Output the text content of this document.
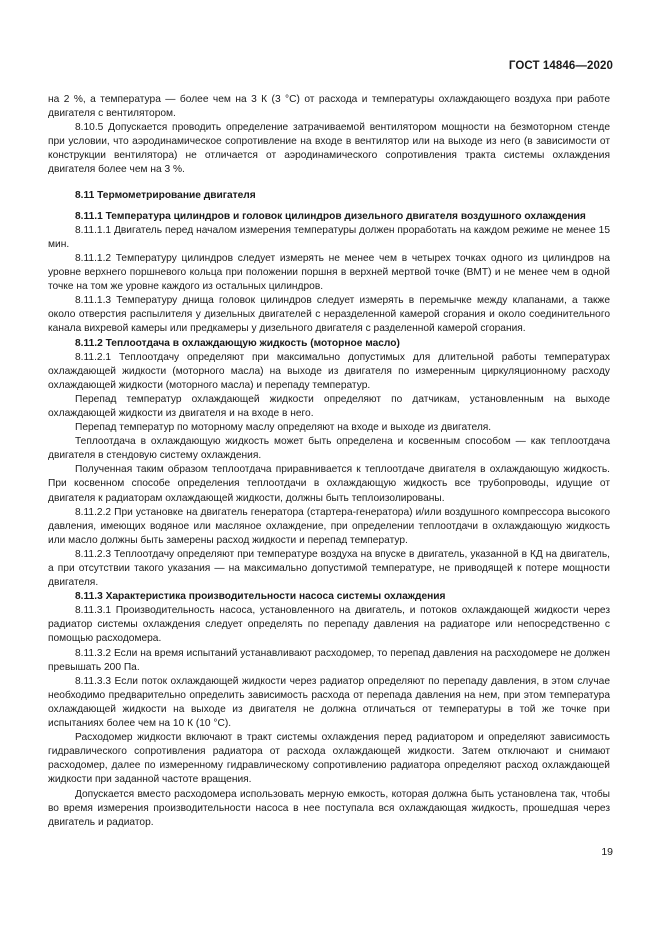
ГОСТ 14846—2020

на 2 %, а температура — более чем на 3 К (3 °С) от расхода и температуры охлаждающего воздуха при работе двигателя с вентилятором.

8.10.5 Допускается проводить определение затрачиваемой вентилятором мощности на безмоторном стенде при условии, что аэродинамическое сопротивление на входе в вентилятор или на выходе из него (в зависимости от конструкции вентилятора) не отличается от аэродинамического сопротивления тракта системы охлаждения двигателя более чем на 3 %.

8.11 Термометрирование двигателя
8.11.1 Температура цилиндров и головок цилиндров дизельного двигателя воздушного охлаждения

8.11.1.1 Двигатель перед началом измерения температуры должен проработать на каждом режиме не менее 15 мин.

8.11.1.2 Температуру цилиндров следует измерять не менее чем в четырех точках одного из цилиндров на уровне верхнего поршневого кольца при положении поршня в верхней мертвой точке (ВМТ) и не менее чем в одной точке на том же уровне каждого из остальных цилиндров.

8.11.1.3 Температуру днища головок цилиндров следует измерять в перемычке между клапанами, а также около отверстия распылителя у дизельных двигателей с неразделенной камерой сгорания и около соединительного канала вихревой камеры или предкамеры у дизельного двигателя с разделенной камерой сгорания.

8.11.2 Теплоотдача в охлаждающую жидкость (моторное масло)

8.11.2.1 Теплоотдачу определяют при максимально допустимых для длительной работы температурах охлаждающей жидкости (моторного масла) на выходе из двигателя по измеренным циркуляционному расходу охлаждающей жидкости (моторного масла) и перепаду температур.

Перепад температур охлаждающей жидкости определяют по датчикам, установленным на выходе охлаждающей жидкости из двигателя и на входе в него.

Перепад температур по моторному маслу определяют на входе и выходе из двигателя.

Теплоотдача в охлаждающую жидкость может быть определена и косвенным способом — как теплоотдача двигателя в стендовую систему охлаждения.

Полученная таким образом теплоотдача приравнивается к теплоотдаче двигателя в охлаждающую жидкость. При косвенном способе определения теплоотдачи в охлаждающую жидкость все трубопроводы, идущие от двигателя к радиаторам охлаждающей жидкости, должны быть теплоизолированы.

8.11.2.2 При установке на двигатель генератора (стартера-генератора) и/или воздушного компрессора высокого давления, имеющих водяное или масляное охлаждение, при определении теплоотдачи в охлаждающую жидкость или масло должны быть замерены расход жидкости и перепад температур.

8.11.2.3 Теплоотдачу определяют при температуре воздуха на впуске в двигатель, указанной в КД на двигатель, а при отсутствии такого указания — на максимально допустимой температуре, не приводящей к потере мощности двигателя.

8.11.3 Характеристика производительности насоса системы охлаждения

8.11.3.1 Производительность насоса, установленного на двигатель, и потоков охлаждающей жидкости через радиатор системы охлаждения следует определять по перепаду давления на радиаторе или непосредственно с помощью расходомера.

8.11.3.2 Если на время испытаний устанавливают расходомер, то перепад давления на расходомере не должен превышать 200 Па.

8.11.3.3 Если поток охлаждающей жидкости через радиатор определяют по перепаду давления, в этом случае необходимо предварительно определить зависимость расхода от перепада давления на нем, при этом температура охлаждающей жидкости на выходе из двигателя не должна отличаться от температуры в той же точке при испытаниях более чем на 10 К (10 °С).

Расходомер жидкости включают в тракт системы охлаждения перед радиатором и определяют зависимость гидравлического сопротивления радиатора от расхода охлаждающей жидкости. Затем отключают и снимают расходомер, далее по измеренному гидравлическому сопротивлению радиатора определяют расход охлаждающей жидкости при заданной частоте вращения.

Допускается вместо расходомера использовать мерную емкость, которая должна быть установлена так, чтобы во время измерения производительности насоса в нее поступала вся охлаждающая жидкость, прошедшая через двигатель и радиатор.

19
